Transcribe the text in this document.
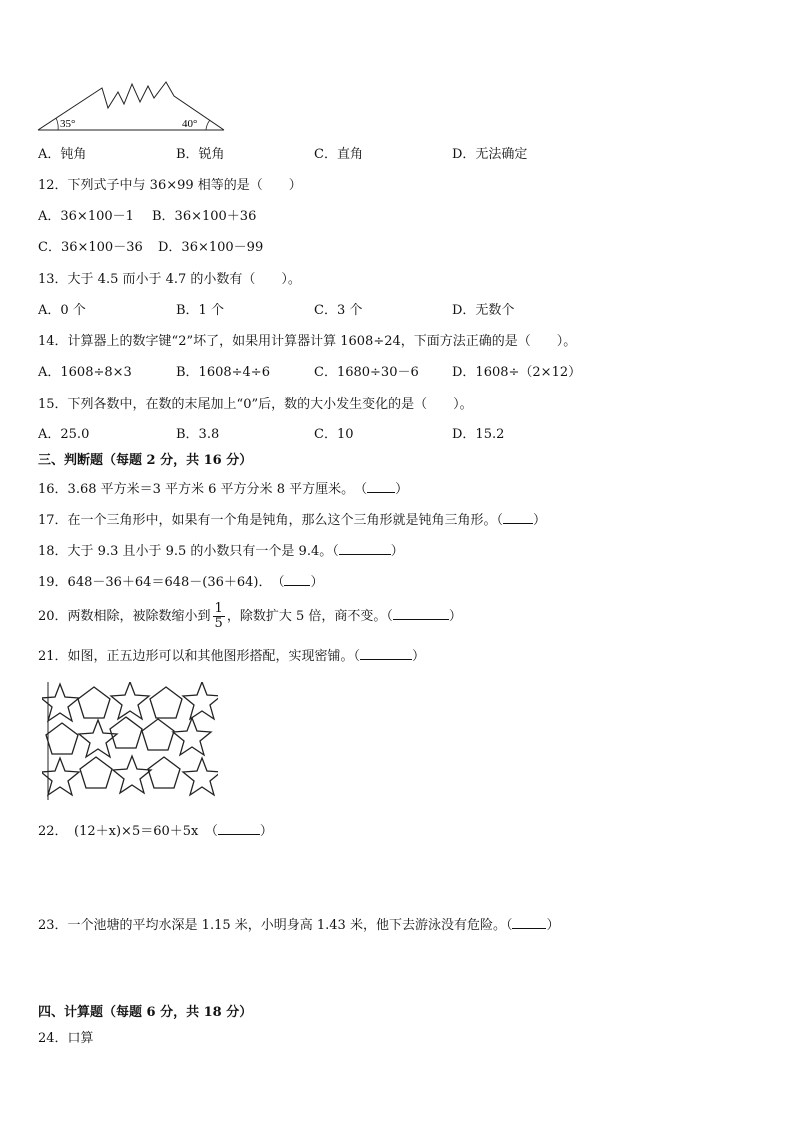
35°	40°
A．钝角	B．锐角	C．直角	D．无法确定
12．下列式子中与 36×99 相等的是（　　）
A．36×100－1 B．36×100＋36
C．36×100－36 D．36×100－99
13．大于 4.5 而小于 4.7 的小数有（　　）。
A．0 个	B．1 个	C．3 个	D．无数个
14．计算器上的数字键“2”坏了，如果用计算器计算 1608÷24，下面方法正确的是（　　）。
A．1608÷8×3	B．1608÷4÷6	C．1680÷30－6	D．1608÷（2×12）
15．下列各数中，在数的末尾加上“0”后，数的大小发生变化的是（　　）。
A．25.0	B．3.8	C．10	D．15.2
三、判断题（每题 2 分，共 16 分）
16．3.68 平方米＝3 平方米 6 平方分米 8 平方厘米。　（ ）
17．在一个三角形中，如果有一个角是钝角，那么这个三角形就是钝角三角形。（ ）
18．大于 9.3 且小于 9.5 的小数只有一个是 9.4。（	）
19．648－36＋64＝648－(36＋64)．　（ ）
20．两数相除，被除数缩小到 $\frac{1}{5}$ ，除数扩大 5 倍，商不变。（	）
21．如图，正五边形可以和其他图形搭配，实现密铺。（	）
22．　(12＋x)×5＝60＋5x　（	）
23．一个池塘的平均水深是 1.15 米，小明身高 1.43 米，他下去游泳没有危险。（	）
四、计算题（每题 6 分，共 18 分）
24．口算
